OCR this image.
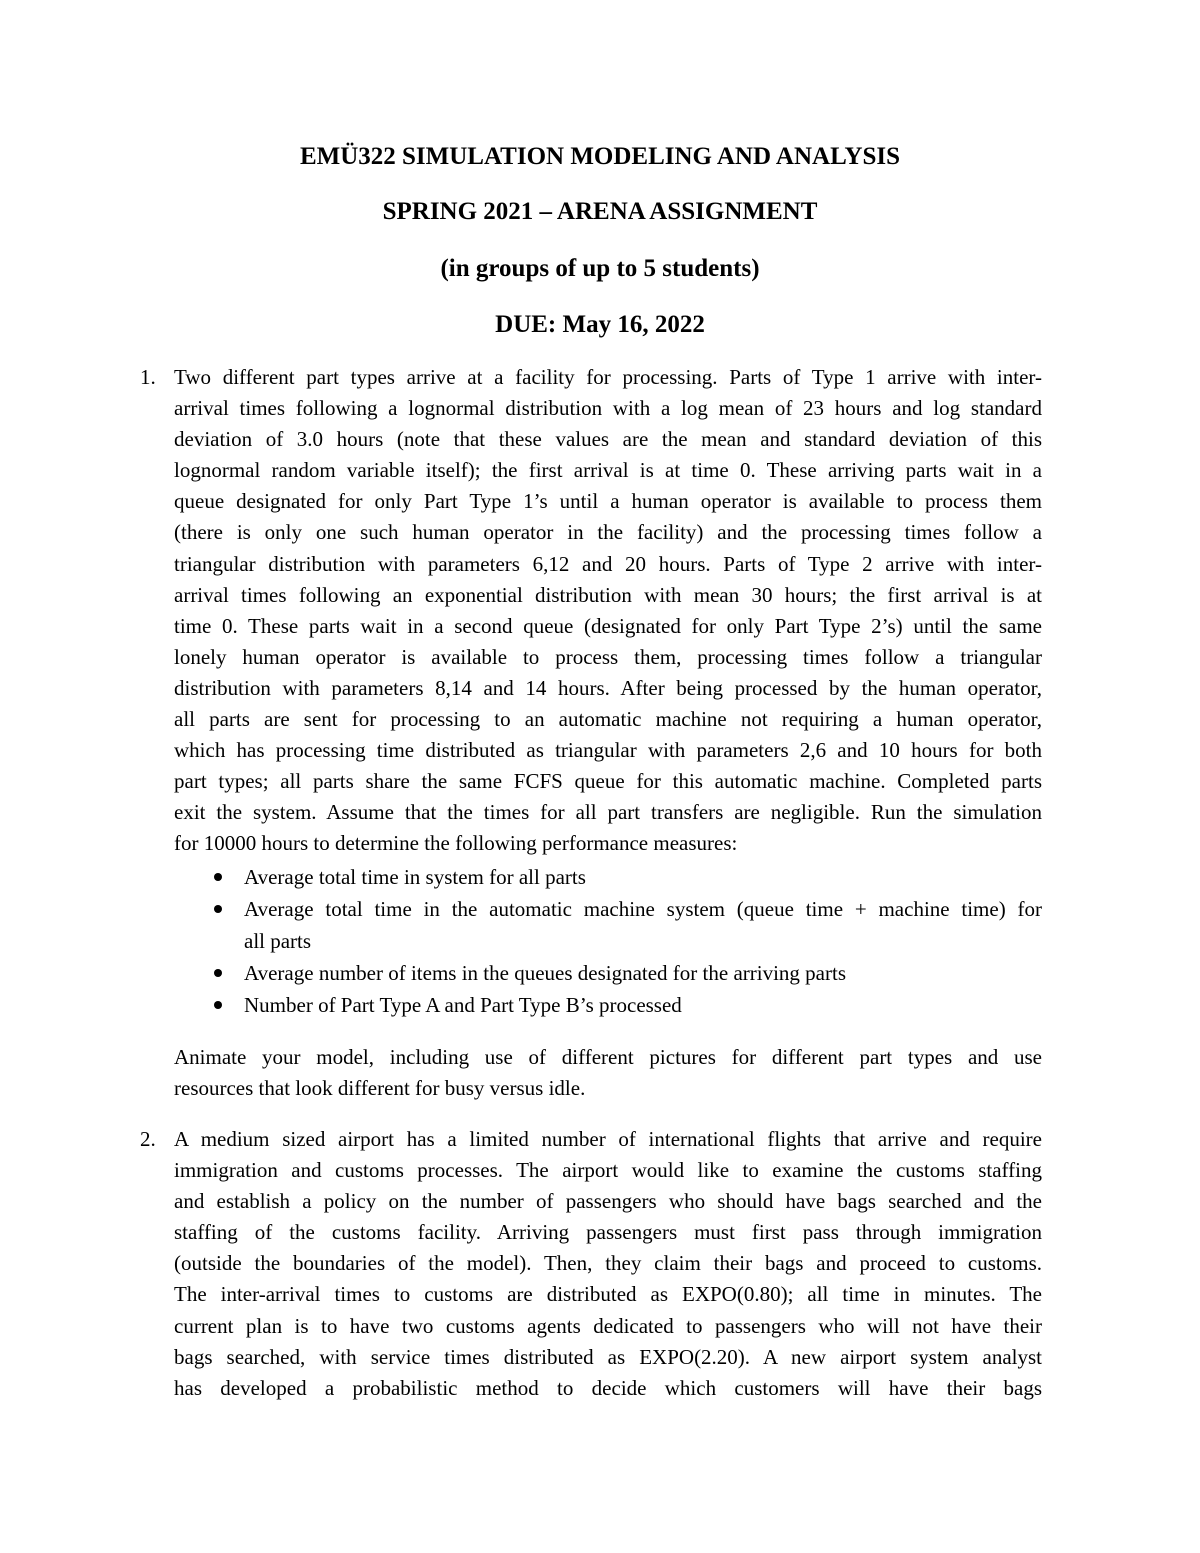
EMÜ322 SIMULATION MODELING AND ANALYSIS
SPRING 2021 – ARENA ASSIGNMENT
(in groups of up to 5 students)
DUE: May 16, 2022
1. Two different part types arrive at a facility for processing. Parts of Type 1 arrive with inter-
arrival times following a lognormal distribution with a log mean of 23 hours and log standard
deviation of 3.0 hours (note that these values are the mean and standard deviation of this
lognormal random variable itself); the first arrival is at time 0. These arriving parts wait in a
queue designated for only Part Type 1’s until a human operator is available to process them
(there is only one such human operator in the facility) and the processing times follow a
triangular distribution with parameters 6,12 and 20 hours. Parts of Type 2 arrive with inter-
arrival times following an exponential distribution with mean 30 hours; the first arrival is at
time 0. These parts wait in a second queue (designated for only Part Type 2’s) until the same
lonely human operator is available to process them, processing times follow a triangular
distribution with parameters 8,14 and 14 hours. After being processed by the human operator,
all parts are sent for processing to an automatic machine not requiring a human operator,
which has processing time distributed as triangular with parameters 2,6 and 10 hours for both
part types; all parts share the same FCFS queue for this automatic machine. Completed parts
exit the system. Assume that the times for all part transfers are negligible. Run the simulation
for 10000 hours to determine the following performance measures:
Average total time in system for all parts
Average total time in the automatic machine system (queue time + machine time) for
all parts
Average number of items in the queues designated for the arriving parts
Number of Part Type A and Part Type B’s processed
Animate your model, including use of different pictures for different part types and use
resources that look different for busy versus idle.
2. A medium sized airport has a limited number of international flights that arrive and require
immigration and customs processes. The airport would like to examine the customs staffing
and establish a policy on the number of passengers who should have bags searched and the
staffing of the customs facility. Arriving passengers must first pass through immigration
(outside the boundaries of the model). Then, they claim their bags and proceed to customs.
The inter-arrival times to customs are distributed as EXPO(0.80); all time in minutes. The
current plan is to have two customs agents dedicated to passengers who will not have their
bags searched, with service times distributed as EXPO(2.20). A new airport system analyst
has developed a probabilistic method to decide which customers will have their bags
